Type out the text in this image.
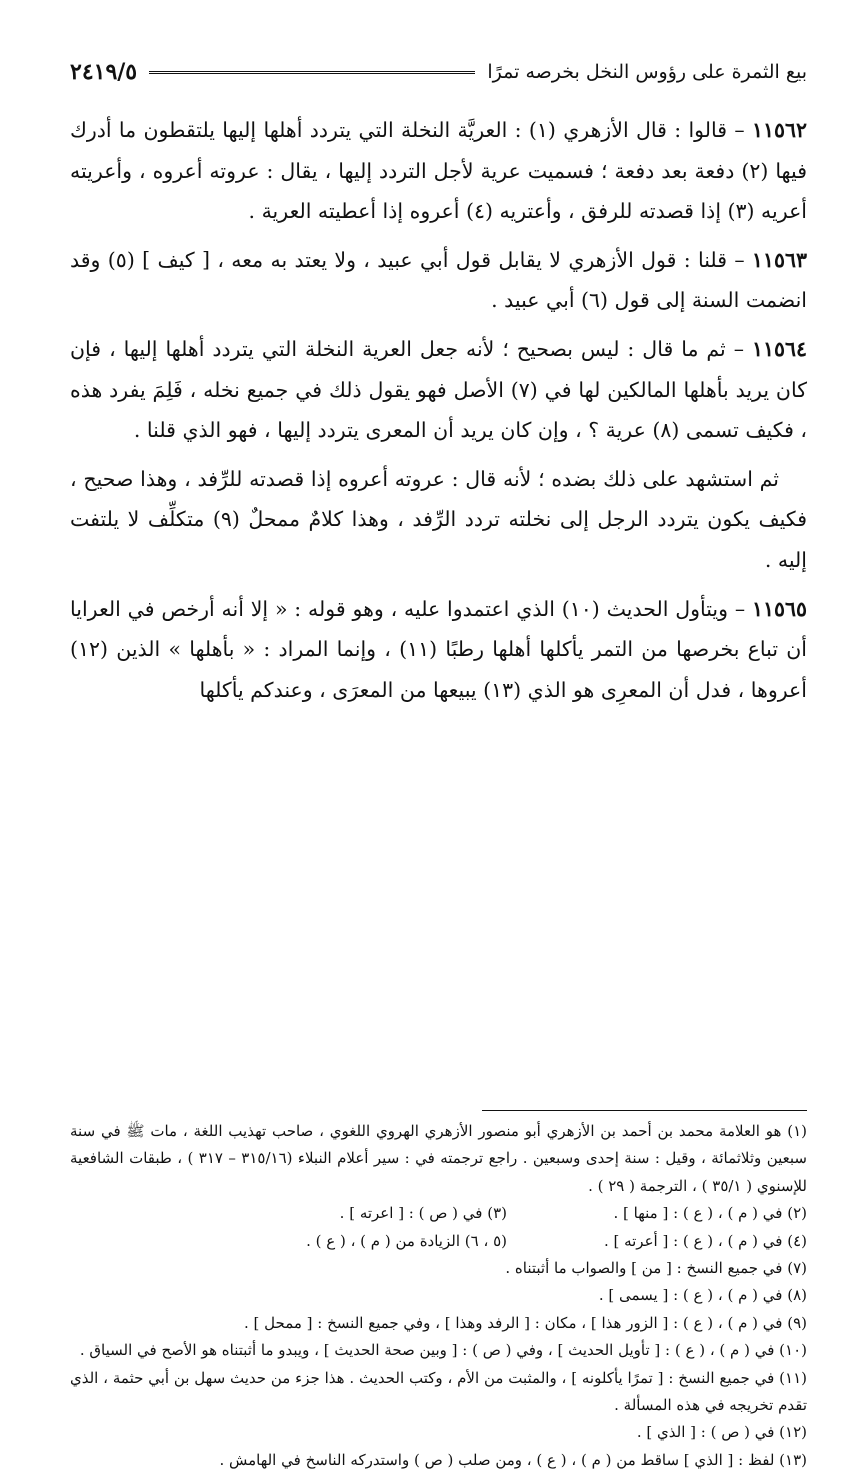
بيع الثمرة على رؤوس النخل بخرصه تمرًا
٢٤١٩/٥

١١٥٦٢ – قالوا : قال الأزهري (١) : العريَّة النخلة التي يتردد أهلها إليها يلتقطون ما أدرك فيها (٢) دفعة بعد دفعة ؛ فسميت عرية لأجل التردد إليها ، يقال : عروته أعروه ، وأعريته أعريه (٣) إذا قصدته للرفق ، وأعتريه (٤) أعروه إذا أعطيته العرية .

١١٥٦٣ – قلنا : قول الأزهري لا يقابل قول أبي عبيد ، ولا يعتد به معه ، [ كيف ] (٥) وقد انضمت السنة إلى قول (٦) أبي عبيد .

١١٥٦٤ – ثم ما قال : ليس بصحيح ؛ لأنه جعل العرية النخلة التي يتردد أهلها إليها ، فإن كان يريد بأهلها المالكين لها في (٧) الأصل فهو يقول ذلك في جميع نخله ، فَلِمَ يفرد هذه ، فكيف تسمى (٨) عرية ؟ ، وإن كان يريد أن المعرى يتردد إليها ، فهو الذي قلنا .

ثم استشهد على ذلك بضده ؛ لأنه قال : عروته أعروه إذا قصدته للرِّفد ، وهذا صحيح ، فكيف يكون يتردد الرجل إلى نخلته تردد الرِّفد ، وهذا كلامٌ ممحلٌ (٩) متكلِّف لا يلتفت إليه .

١١٥٦٥ – ويتأول الحديث (١٠) الذي اعتمدوا عليه ، وهو قوله : « إلا أنه أرخص في العرايا أن تباع بخرصها من التمر يأكلها أهلها رطبًا (١١) ، وإنما المراد : « بأهلها » الذين (١٢) أعروها ، فدل أن المعرِى هو الذي (١٣) يبيعها من المعرَى ، وعندكم يأكلها

(١) هو العلامة محمد بن أحمد بن الأزهري أبو منصور الأزهري الهروي اللغوي ، صاحب تهذيب اللغة ، مات ﷺ في سنة سبعين وثلاثمائة ، وقيل : سنة إحدى وسبعين . راجع ترجمته في : سير أعلام النبلاء (٣١٥/١٦ – ٣١٧ ) ، طبقات الشافعية للإسنوي ( ٣٥/١ ) ، الترجمة ( ٢٩ ) .

(٢) في ( م ) ، ( ع ) : [ منها ] .

(٣) في ( ص ) : [ اعرته ] .

(٤) في ( م ) ، ( ع ) : [ أعرته ] .

(٥ ، ٦) الزيادة من ( م ) ، ( ع ) .

(٧) في جميع النسخ : [ من ] والصواب ما أثبتناه .

(٨) في ( م ) ، ( ع ) : [ يسمى ] .

(٩) في ( م ) ، ( ع ) : [ الزور هذا ] ، مكان : [ الرفد وهذا ] ، وفي جميع النسخ : [ ممحل ] .

(١٠) في ( م ) ، ( ع ) : [ تأويل الحديث ] ، وفي ( ص ) : [ وبين صحة الحديث ] ، ويبدو ما أثبتناه هو الأصح في السياق .

(١١) في جميع النسخ : [ تمرًا يأكلونه ] ، والمثبت من الأم ، وكتب الحديث . هذا جزء من حديث سهل بن أبي حثمة ، الذي تقدم تخريجه في هذه المسألة .

(١٢) في ( ص ) : [ الذي ] .

(١٣) لفظ : [ الذي ] ساقط من ( م ) ، ( ع ) ، ومن صلب ( ص ) واستدركه الناسخ في الهامش .
